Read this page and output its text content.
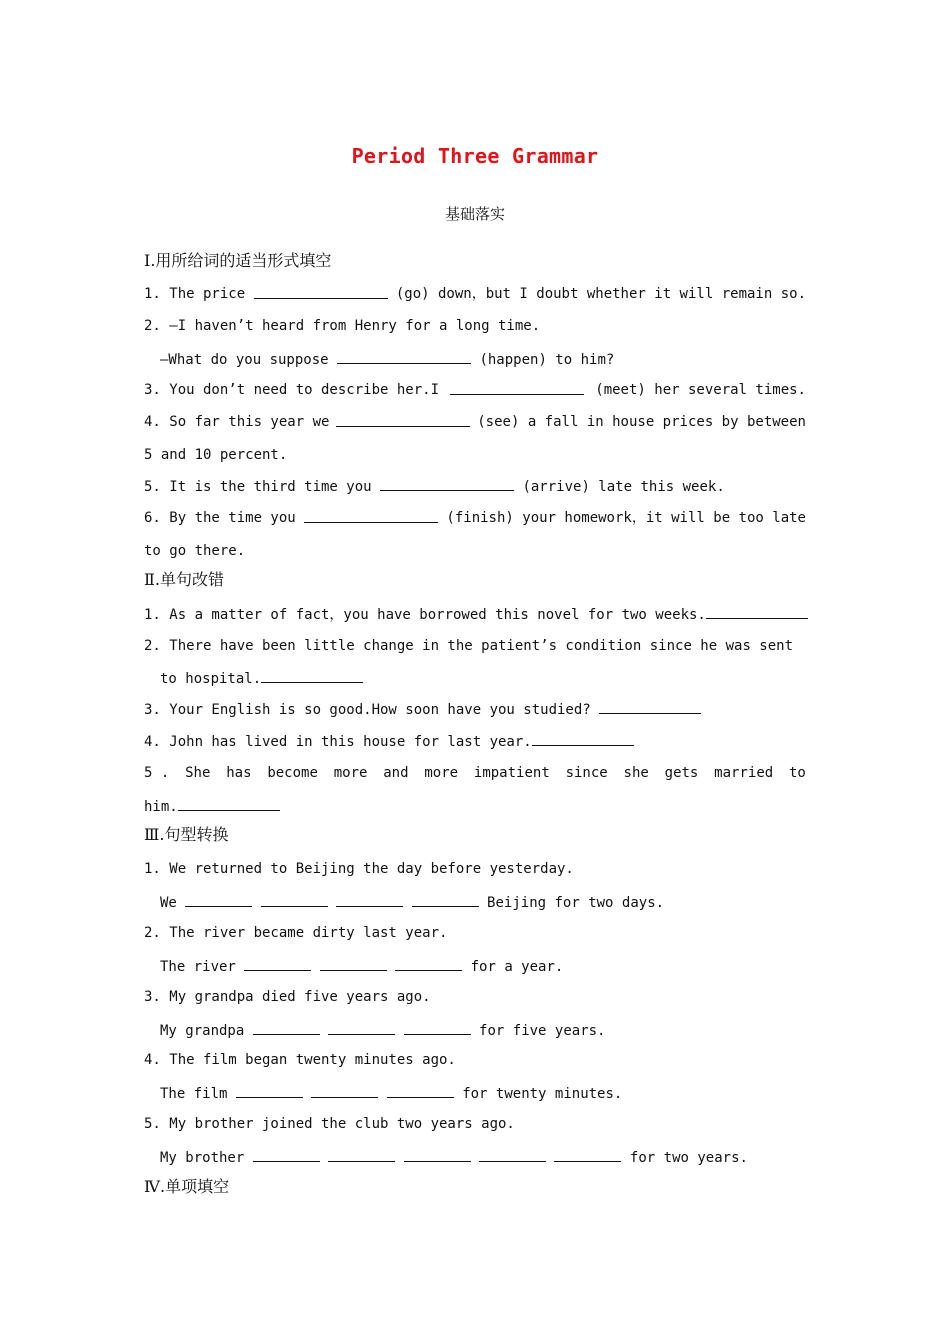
Period Three Grammar
基础落实
Ⅰ.用所给词的适当形式填空
1. The price	(go) down，but I doubt whether it will remain so.
2. —I haven’t heard from Henry for a long time.
—What do you suppose	(happen) to him?
3. You don’t need to describe her.I	(meet) her several times.
4. So far this year we	(see) a fall in house prices by between
5 and 10 percent.
5. It is the third time you	(arrive) late this week.
6. By the time you	(finish) your homework，it will be too late
to go there.
Ⅱ.单句改错
1. As a matter of fact，you have borrowed this novel for two weeks.
2. There have been little change in the patient’s condition since he was sent
to hospital.
3. Your English is so good.How soon have you studied?
4. John has lived in this house for last year.
5 . She has become more and more impatient since she gets married to
him.
Ⅲ.句型转换
1. We returned to Beijing the day before yesterday.
We	Beijing for two days.
2. The river became dirty last year.
The river	for a year.
3. My grandpa died five years ago.
My grandpa	for five years.
4. The film began twenty minutes ago.
The film	for twenty minutes.
5. My brother joined the club two years ago.
My brother	for two years.
Ⅳ.单项填空
